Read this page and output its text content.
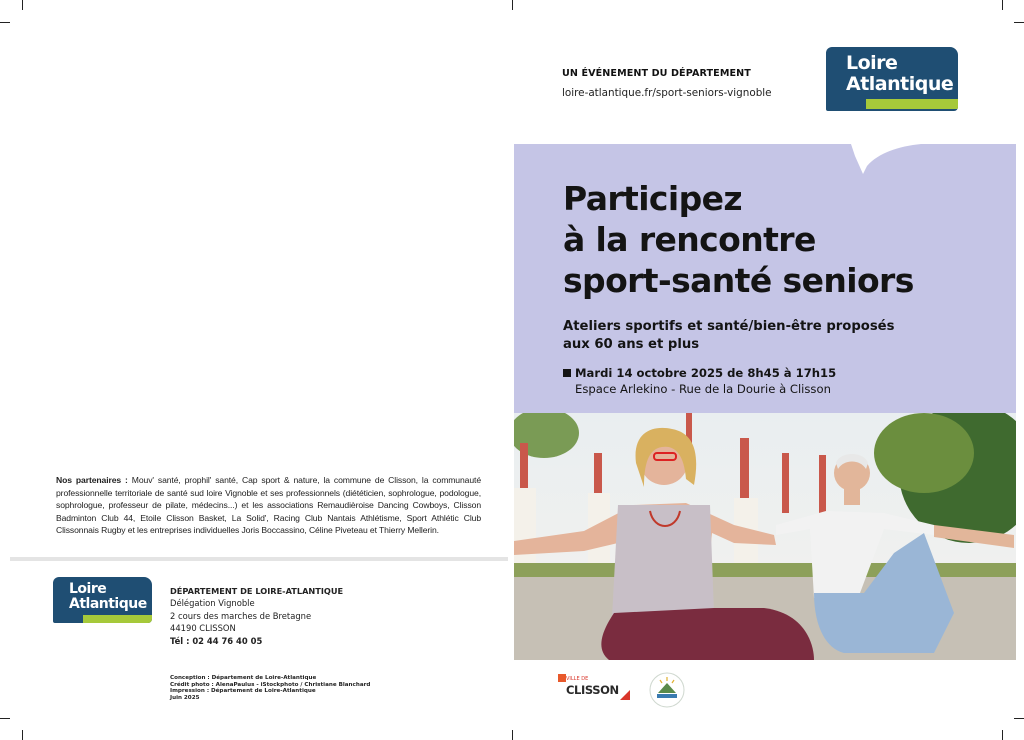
Nos partenaires : Mouv' santé, prophil' santé, Cap sport & nature, la commune de Clisson, la communauté professionnelle territoriale de santé sud loire Vignoble et ses professionnels (diététicien, sophrologue, podologue, sophrologue, professeur de pilate, médecins...) et les associations Remaudièroise Dancing Cowboys, Clisson Badminton Club 44, Etoile Clisson Basket, La Solid', Racing Club Nantais Athlétisme, Sport Athlétic Club Clissonnais Rugby et les entreprises individuelles Joris Boccassino, Céline Piveteau et Thierry Mellerin.
Loire
Atlantique
DÉPARTEMENT DE LOIRE-ATLANTIQUE
Délégation Vignoble
2 cours des marches de Bretagne
44190 CLISSON
Tél : 02 44 76 40 05
Conception : Département de Loire-Atlantique
Crédit photo : AlenaPaulus - iStockphoto / Christiane Blanchard
Impression : Département de Loire-Atlantique
Juin 2025
UN ÉVÉNEMENT DU DÉPARTEMENT
loire-atlantique.fr/sport-seniors-vignoble
Loire
Atlantique
Participez
à la rencontre
sport-santé seniors
Ateliers sportifs et santé/bien-être proposés
aux 60 ans et plus
Mardi 14 octobre 2025 de 8h45 à 17h15
Espace Arlekino - Rue de la Dourie à Clisson
VILLE DE
CLISSON
